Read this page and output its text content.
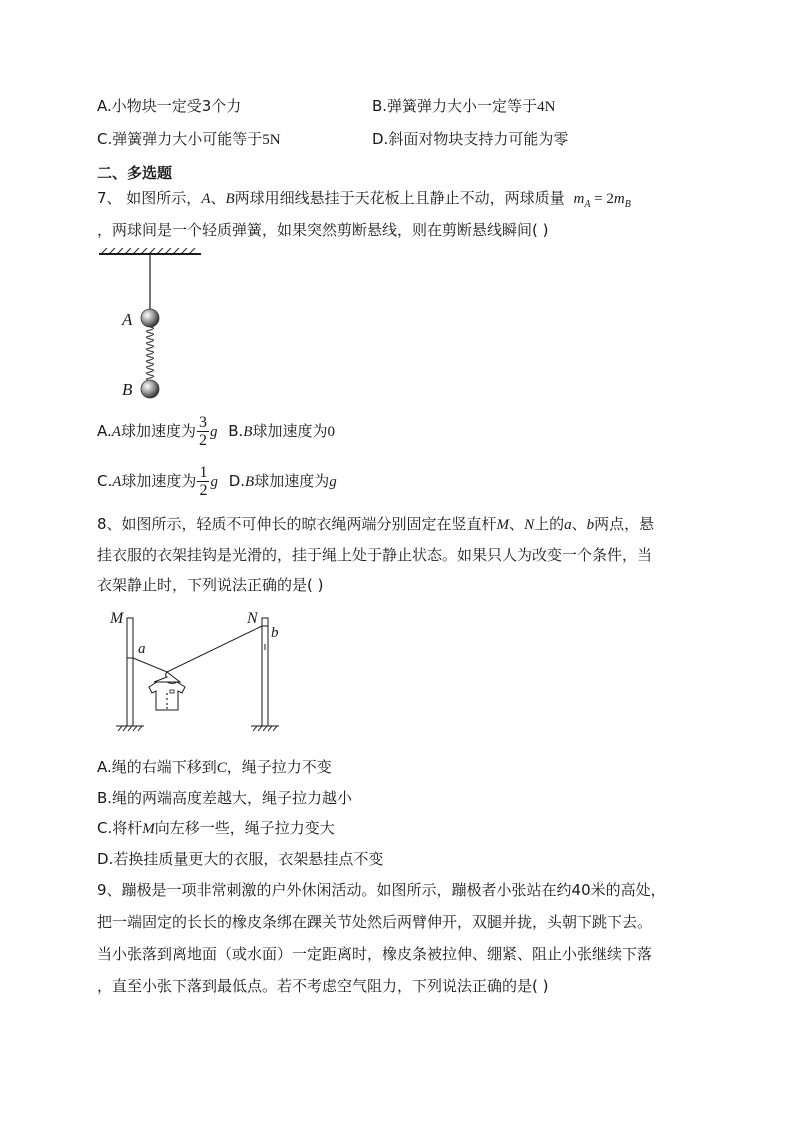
A.小物块一定受3个力	B.弹簧弹力大小一定等于4N
C.弹簧弹力大小可能等于5N	D.斜面对物块支持力可能为零
二、多选题
7、 如图所示，A、B两球用细线悬挂于天花板上且静止不动，两球质量 $m_A = 2m_B$
，两球间是一个轻质弹簧，如果突然剪断悬线，则在剪断悬线瞬间( )
A
B
A.A球加速度为 $\frac{3}{2}$ g B.B球加速度为0
C.A球加速度为 $\frac{1}{2}$ g D.B球加速度为g
8、如图所示，轻质不可伸长的晾衣绳两端分别固定在竖直杆M、N上的a、b两点，悬
挂衣服的衣架挂钩是光滑的，挂于绳上处于静止状态。如果只人为改变一个条件，当
衣架静止时，下列说法正确的是( )
M	N
a
b
A.绳的右端下移到C，绳子拉力不变
B.绳的两端高度差越大，绳子拉力越小
C.将杆M向左移一些，绳子拉力变大
D.若换挂质量更大的衣服，衣架悬挂点不变
9、蹦极是一项非常刺激的户外休闲活动。如图所示，蹦极者小张站在约40米的高处，
把一端固定的长长的橡皮条绑在踝关节处然后两臂伸开，双腿并拢，头朝下跳下去。
当小张落到离地面（或水面）一定距离时，橡皮条被拉伸、绷紧、阻止小张继续下落
，直至小张下落到最低点。若不考虑空气阻力，下列说法正确的是( )
